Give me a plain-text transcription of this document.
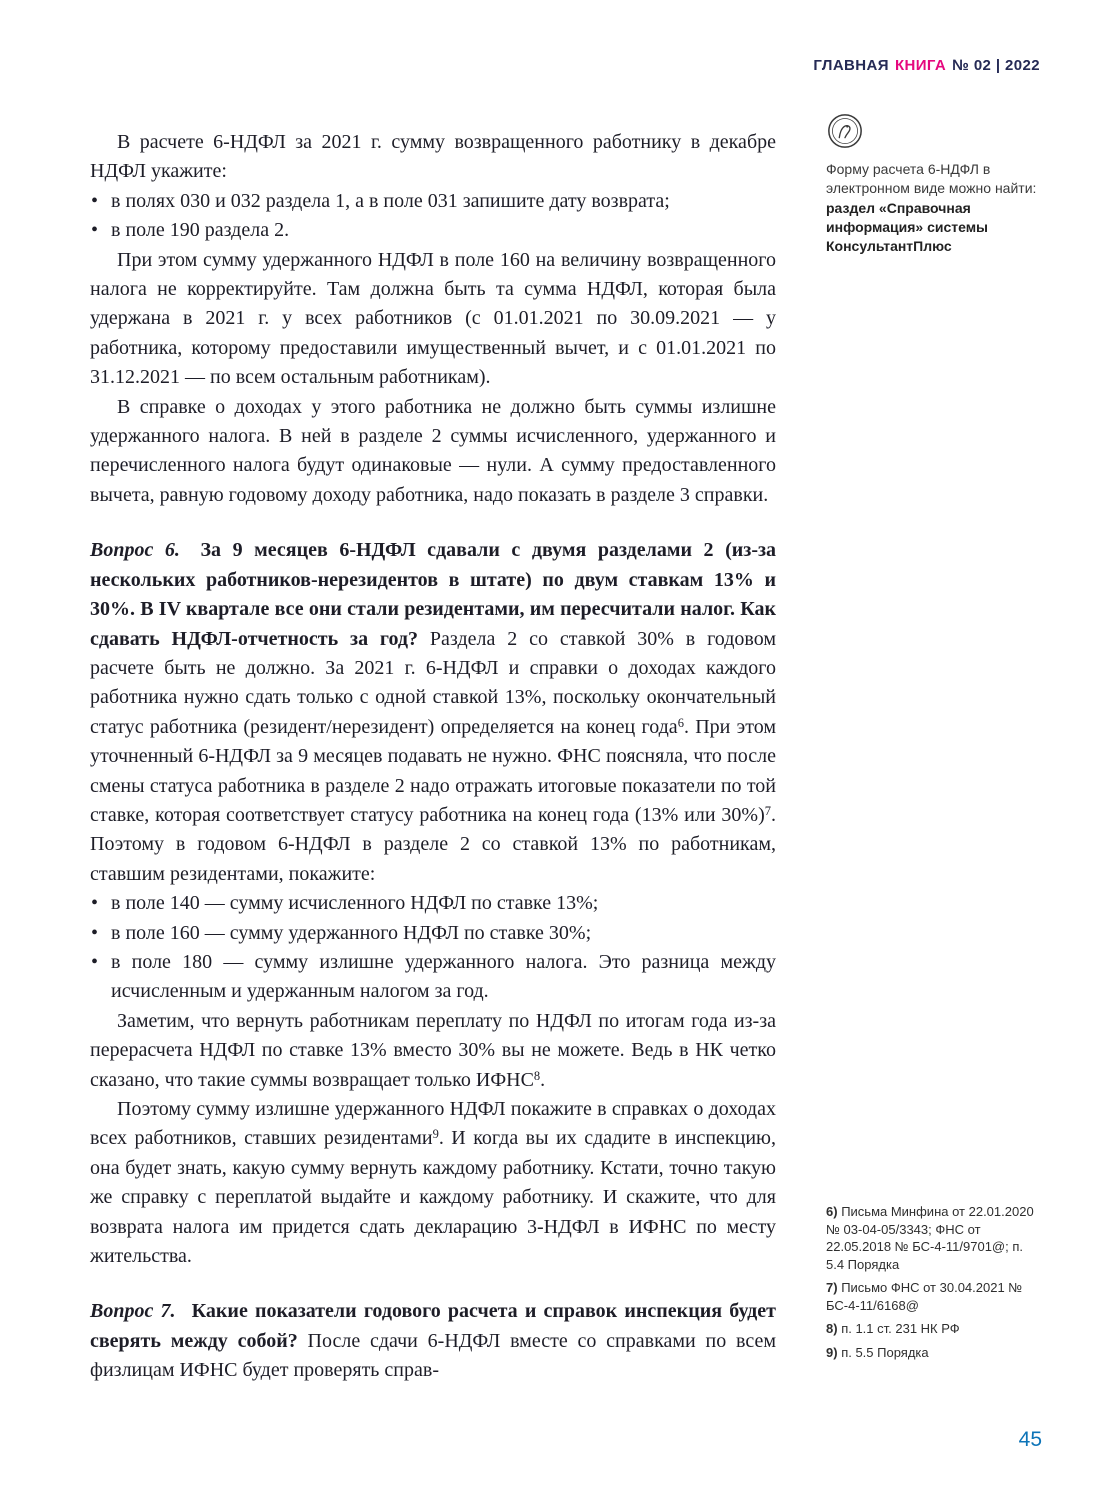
ГЛАВНАЯ КНИГА № 02 | 2022

В расчете 6-НДФЛ за 2021 г. сумму возвращенного работнику в декабре НДФЛ укажите:

• в полях 030 и 032 раздела 1, а в поле 031 запишите дату возврата;
• в поле 190 раздела 2.

При этом сумму удержанного НДФЛ в поле 160 на величину возвращенного налога не корректируйте. Там должна быть та сумма НДФЛ, которая была удержана в 2021 г. у всех работников (с 01.01.2021 по 30.09.2021 — у работника, которому предоставили имущественный вычет, и с 01.01.2021 по 31.12.2021 — по всем остальным работникам).

В справке о доходах у этого работника не должно быть суммы излишне удержанного налога. В ней в разделе 2 суммы исчисленного, удержанного и перечисленного налога будут одинаковые — нули. А сумму предоставленного вычета, равную годовому доходу работника, надо показать в разделе 3 справки.

Вопрос 6. За 9 месяцев 6-НДФЛ сдавали с двумя разделами 2 (из-за нескольких работников-нерезидентов в штате) по двум ставкам 13% и 30%. В IV квартале все они стали резидентами, им пересчитали налог. Как сдавать НДФЛ-отчетность за год? Раздела 2 со ставкой 30% в годовом расчете быть не должно. За 2021 г. 6-НДФЛ и справки о доходах каждого работника нужно сдать только с одной ставкой 13%, поскольку окончательный статус работника (резидент/нерезидент) определяется на конец года$^6$. При этом уточненный 6-НДФЛ за 9 месяцев подавать не нужно. ФНС поясняла, что после смены статуса работника в разделе 2 надо отражать итоговые показатели по той ставке, которая соответствует статусу работника на конец года (13% или 30%)$^7$. Поэтому в годовом 6-НДФЛ в разделе 2 со ставкой 13% по работникам, ставшим резидентами, покажите:

• в поле 140 — сумму исчисленного НДФЛ по ставке 13%;
• в поле 160 — сумму удержанного НДФЛ по ставке 30%;
• в поле 180 — сумму излишне удержанного налога. Это разница между исчисленным и удержанным налогом за год.

Заметим, что вернуть работникам переплату по НДФЛ по итогам года из-за перерасчета НДФЛ по ставке 13% вместо 30% вы не можете. Ведь в НК четко сказано, что такие суммы возвращает только ИФНС$^8$.

Поэтому сумму излишне удержанного НДФЛ покажите в справках о доходах всех работников, ставших резидентами$^9$. И когда вы их сдадите в инспекцию, она будет знать, какую сумму вернуть каждому работнику. Кстати, точно такую же справку с переплатой выдайте и каждому работнику. И скажите, что для возврата налога им придется сдать декларацию 3-НДФЛ в ИФНС по месту жительства.

Вопрос 7. Какие показатели годового расчета и справок инспекция будет сверять между собой? После сдачи 6-НДФЛ вместе со справками по всем физлицам ИФНС будет проверять справ-

Форму расчета 6-НДФЛ в электронном виде можно найти:

раздел «Справочная информация» системы КонсультантПлюс

6) Письма Минфина от 22.01.2020 № 03-04-05/3343; ФНС от 22.05.2018 № БС-4-11/9701@; п. 5.4 Порядка
7) Письмо ФНС от 30.04.2021 № БС-4-11/6168@
8) п. 1.1 ст. 231 НК РФ
9) п. 5.5 Порядка
45
